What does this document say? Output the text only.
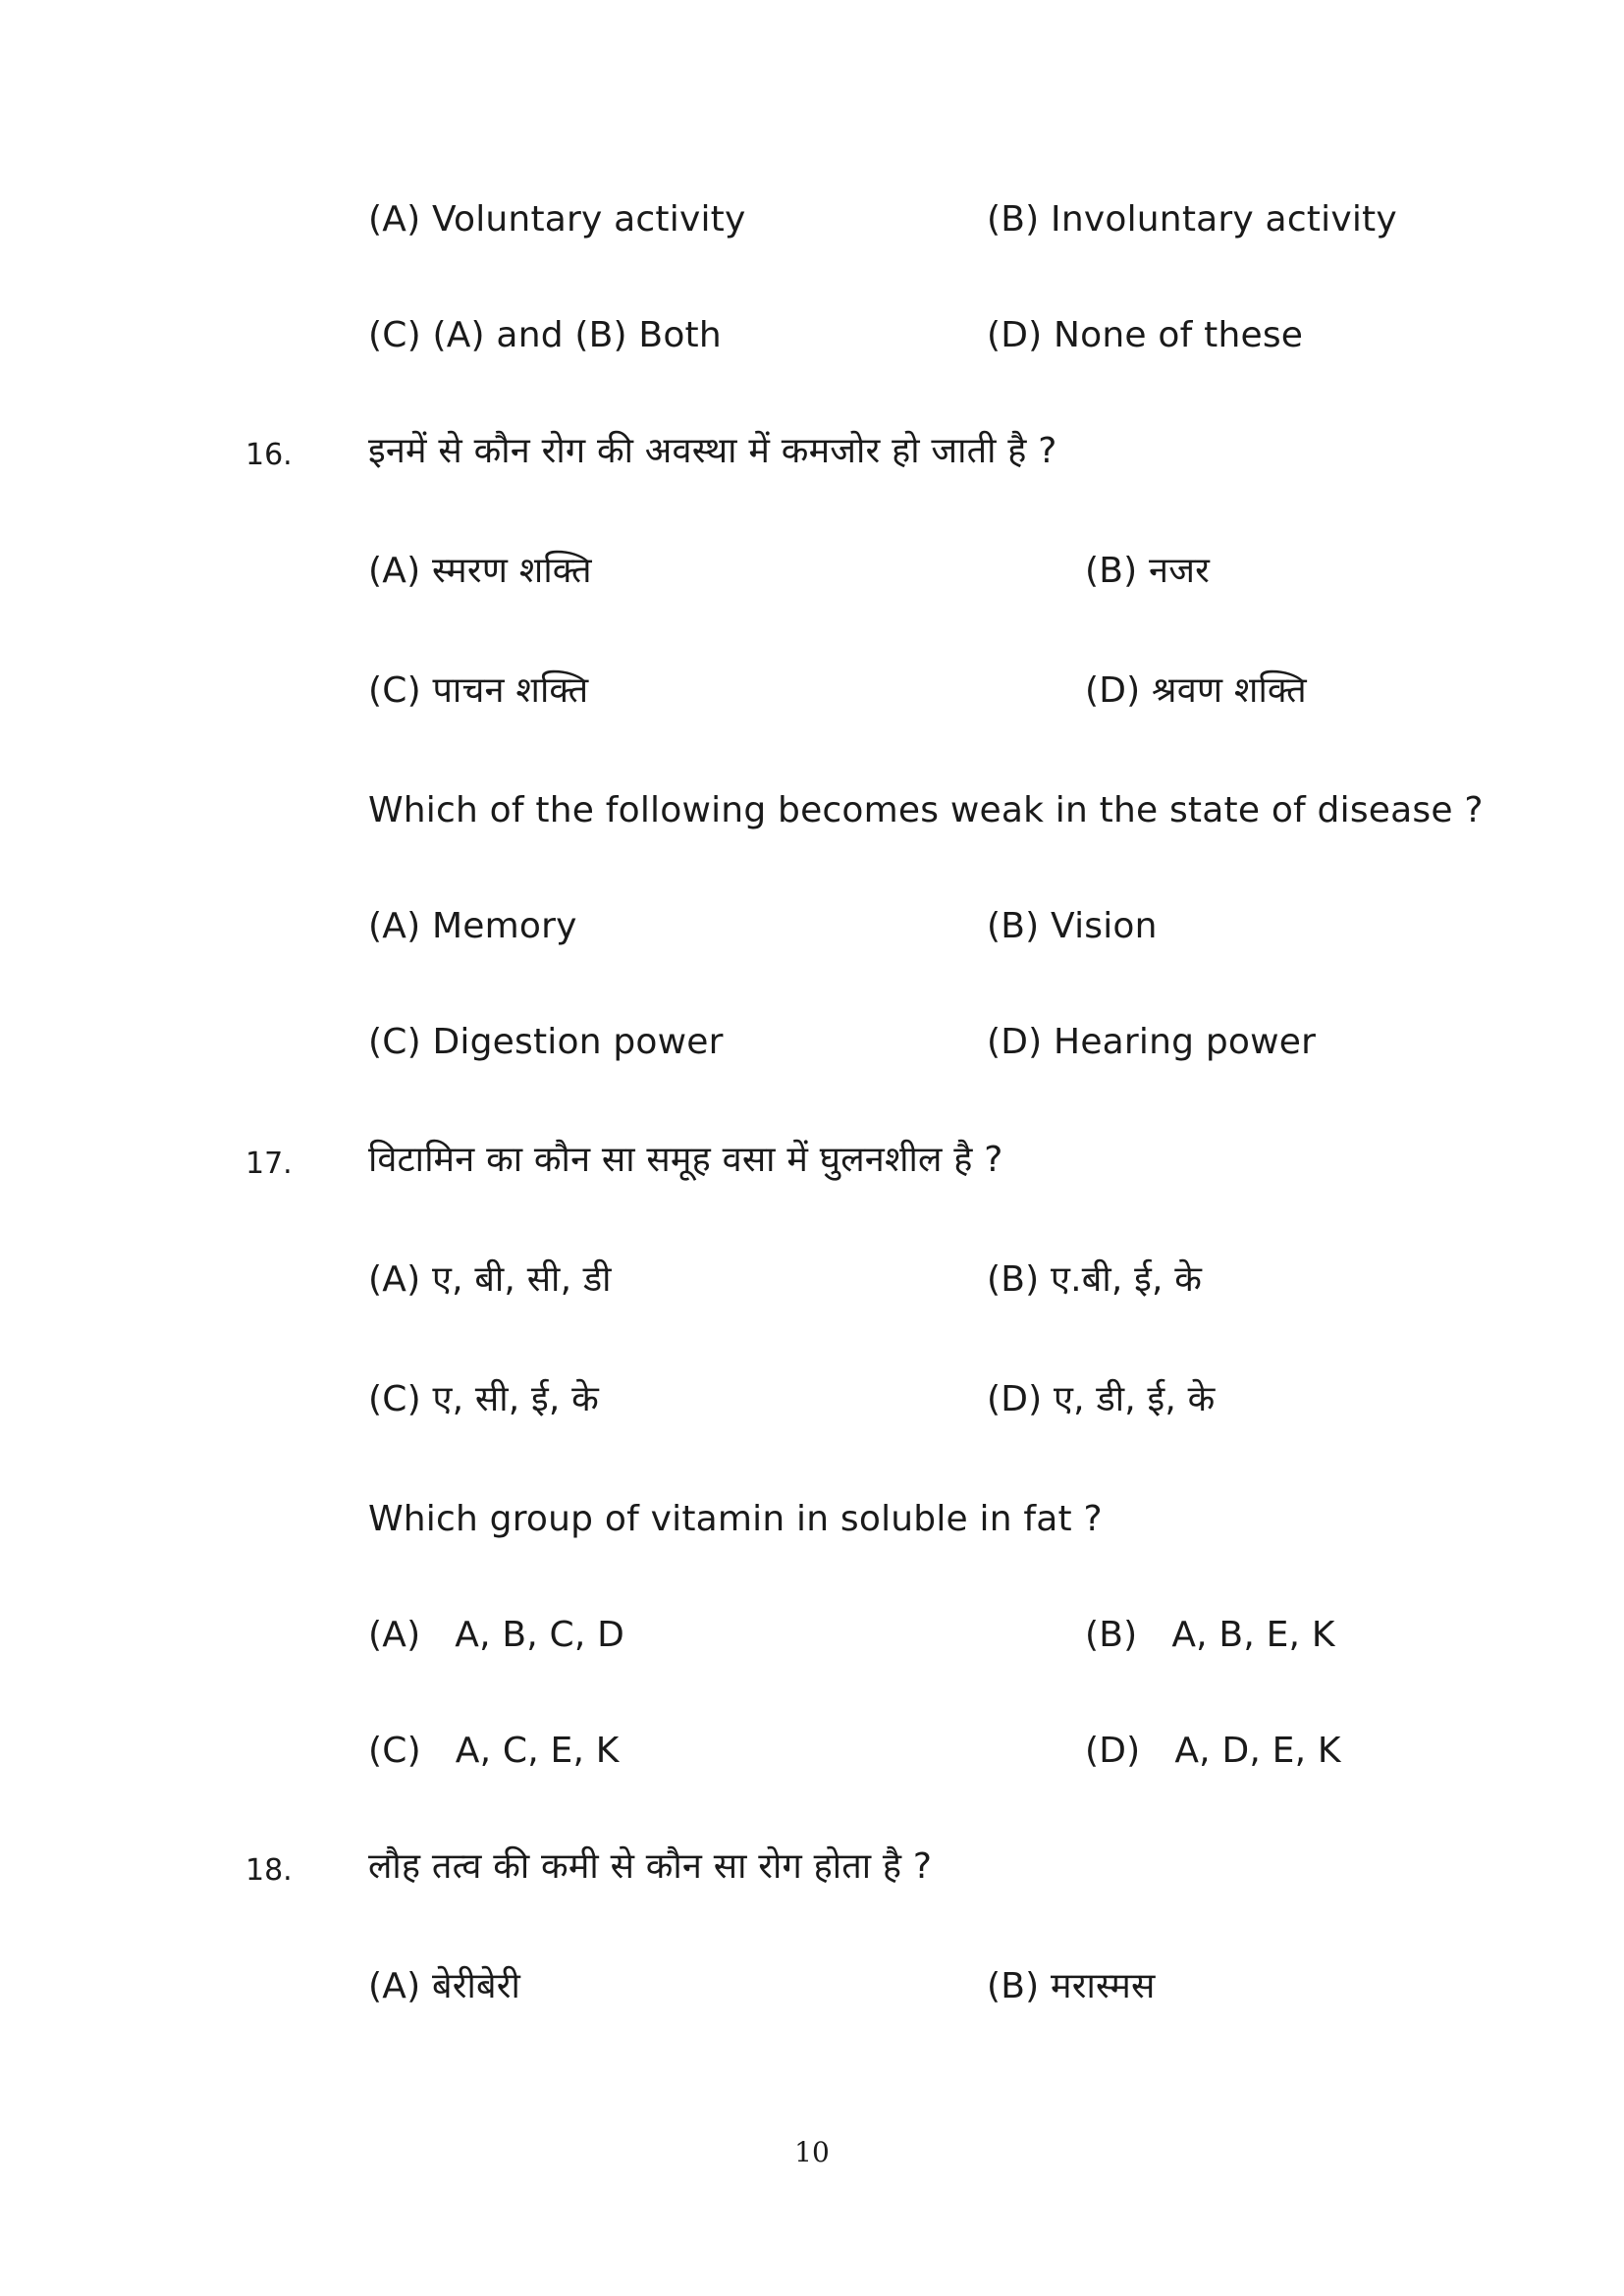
(A) Voluntary activity	(B) Involuntary activity
(C) (A) and (B) Both	(D) None of these
16. इनमें से कौन रोग की अवस्था में कमजोर हो जाती है ?
(A) स्मरण शक्ति	(B) नजर
(C) पाचन शक्ति	(D) श्रवण शक्ति
Which of the following becomes weak in the state of disease ?
(A) Memory	(B) Vision
(C) Digestion power	(D) Hearing power
17. विटामिन का कौन सा समूह वसा में घुलनशील है ?
(A) ए, बी, सी, डी	(B) ए.बी, ई, के
(C) ए, सी, ई, के	(D) ए, डी, ई, के
Which group of vitamin in soluble in fat ?
(A)   A, B, C, D	(B)   A, B, E, K
(C)   A, C, E, K	(D)   A, D, E, K
18. लौह तत्व की कमी से कौन सा रोग होता है ?
(A) बेरीबेरी	(B) मरास्मस
10
